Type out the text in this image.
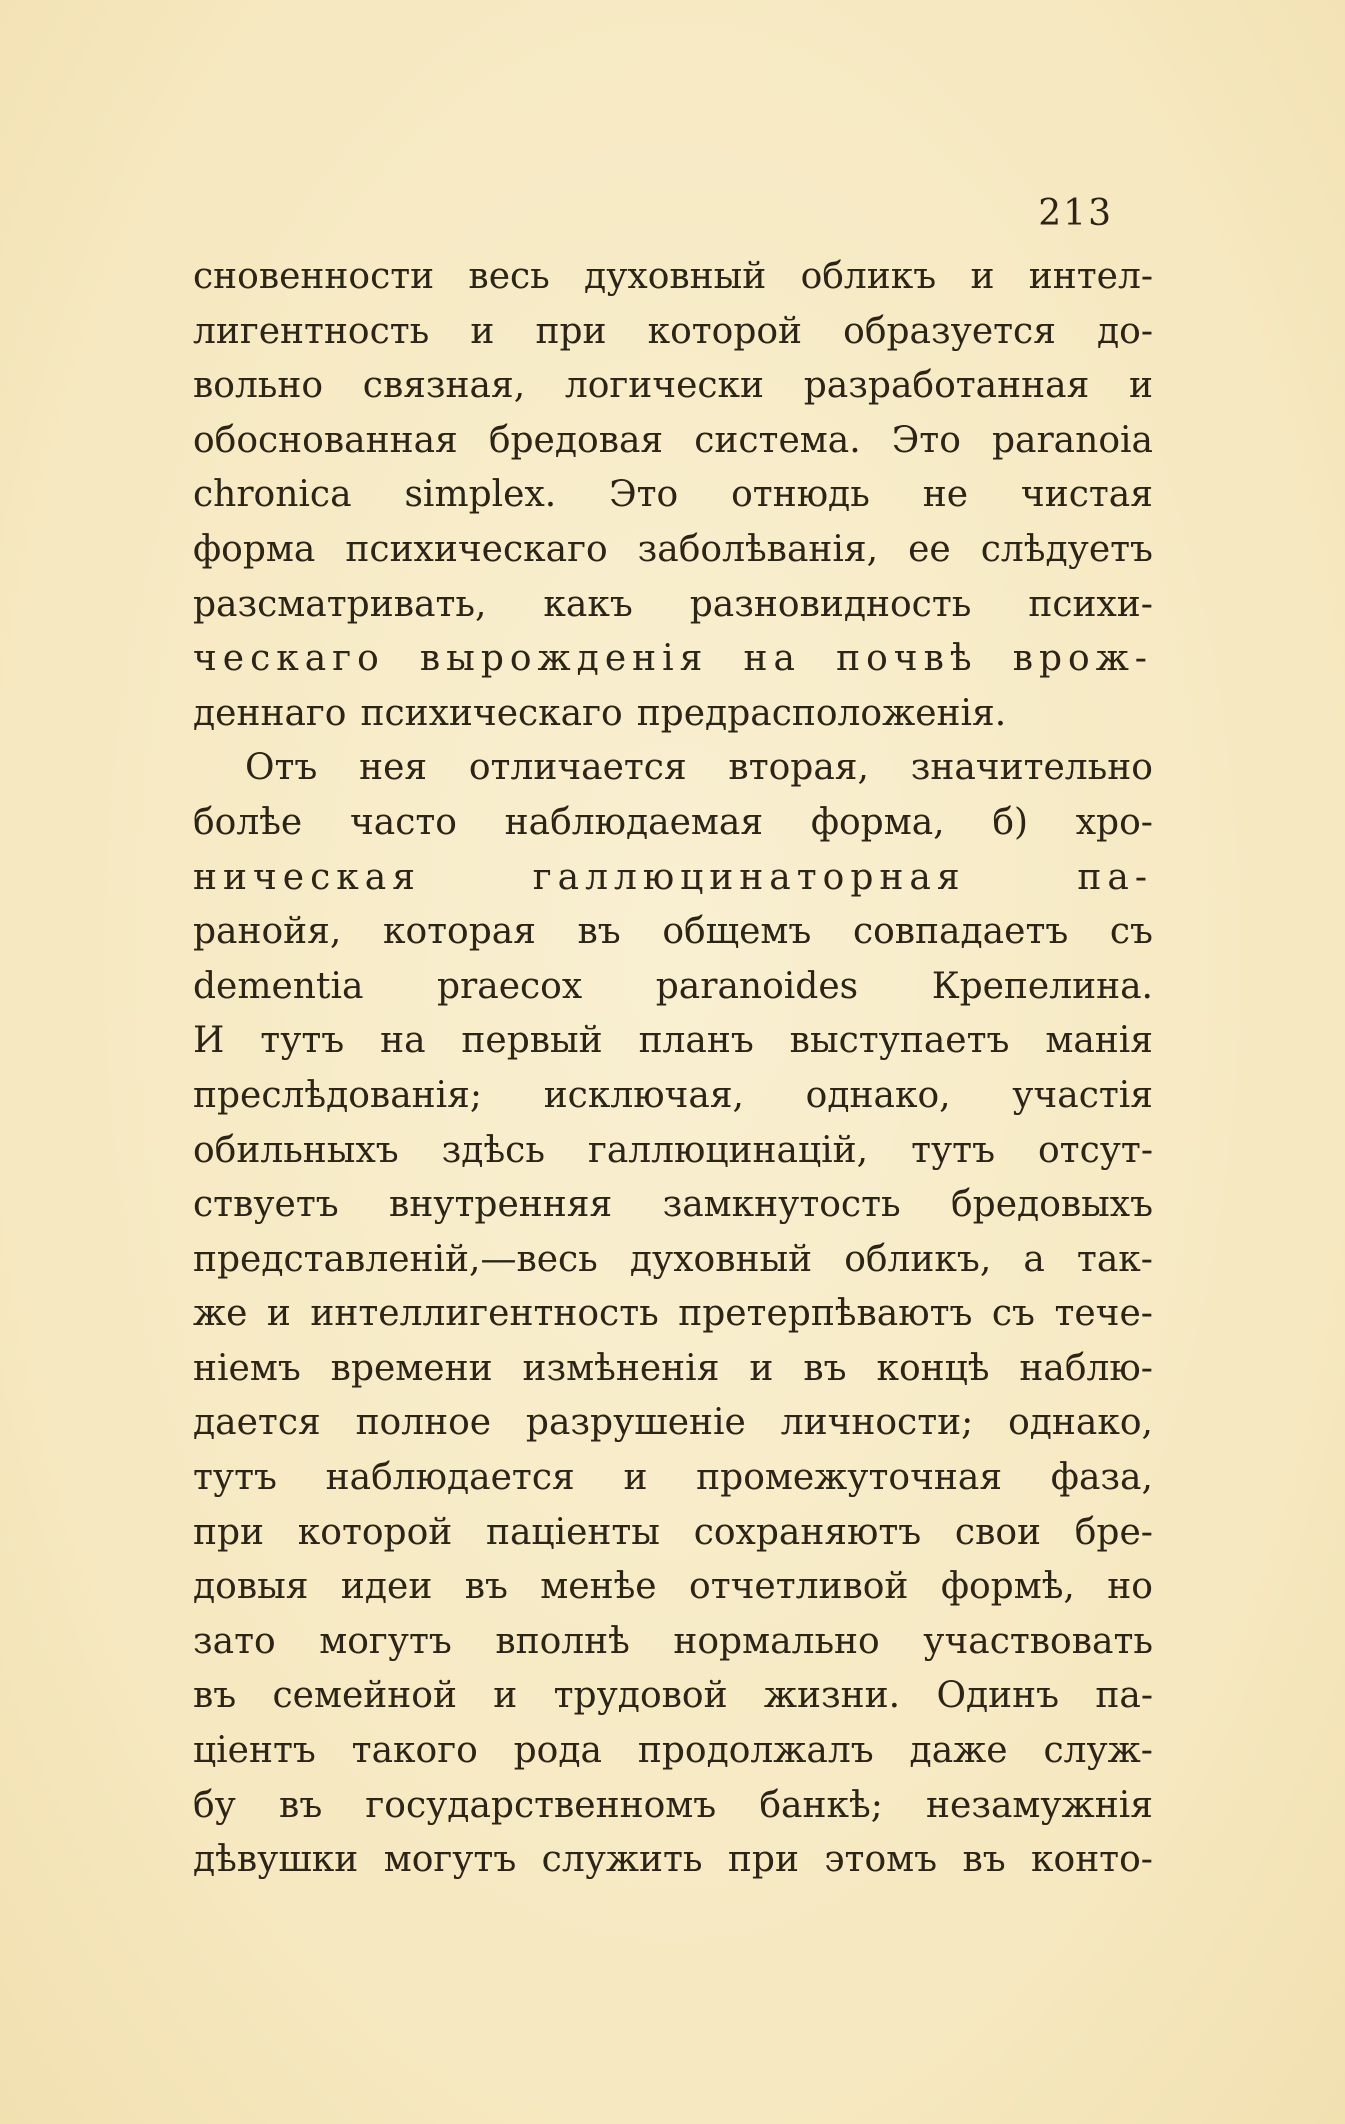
213
сновенности весь духовный обликъ и интел-
лигентность и при которой образуется до-
вольно связная, логически разработанная и
обоснованная бредовая система. Это paranoia
chronica simplex. Это отнюдь не чистая
форма психическаго заболѣванія, ее слѣдуетъ
разсматривать, какъ разновидность психи-
ческаго вырожденія на почвѣ врож-
деннаго психическаго предрасположенія.
Отъ нея отличается вторая, значительно
болѣе часто наблюдаемая форма, б) хро-
ническая	галлюцинаторная	па-
ранойя, которая въ общемъ совпадаетъ съ
dementia praecox paranoides Крепелина.
И тутъ на первый планъ выступаетъ манія
преслѣдованія; исключая, однако, участія
обильныхъ здѣсь галлюцинацій, тутъ отсут-
ствуетъ внутренняя замкнутость бредовыхъ
представленій,—весь духовный обликъ, а так-
же и интеллигентность претерпѣваютъ съ тече-
ніемъ времени измѣненія и въ концѣ наблю-
дается полное разрушеніе личности; однако,
тутъ наблюдается и промежуточная фаза,
при которой паціенты сохраняютъ свои бре-
довыя идеи въ менѣе отчетливой формѣ, но
зато могутъ вполнѣ нормально участвовать
въ семейной и трудовой жизни. Одинъ па-
ціентъ такого рода продолжалъ даже служ-
бу въ государственномъ банкѣ; незамужнія
дѣвушки могутъ служить при этомъ въ конто-
